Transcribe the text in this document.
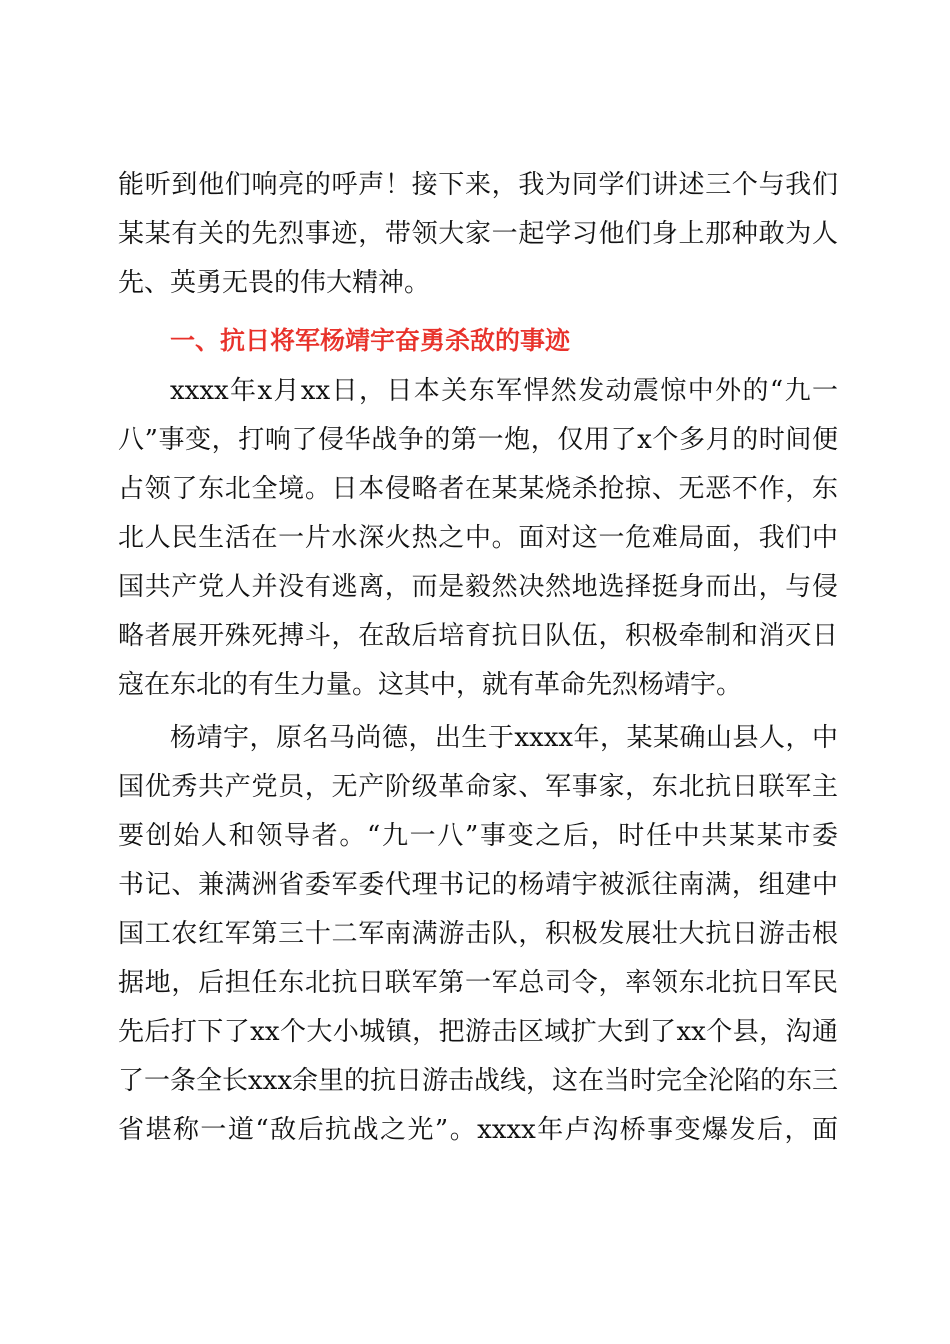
能听到他们响亮的呼声！接下来，我为同学们讲述三个与我们
某某有关的先烈事迹，带领大家一起学习他们身上那种敢为人
先、英勇无畏的伟大精神。
一、抗日将军杨靖宇奋勇杀敌的事迹
xxxx年x月xx日，日本关东军悍然发动震惊中外的“九一
八”事变，打响了侵华战争的第一炮，仅用了x个多月的时间便
占领了东北全境。日本侵略者在某某烧杀抢掠、无恶不作，东
北人民生活在一片水深火热之中。面对这一危难局面，我们中
国共产党人并没有逃离，而是毅然决然地选择挺身而出，与侵
略者展开殊死搏斗，在敌后培育抗日队伍，积极牵制和消灭日
寇在东北的有生力量。这其中，就有革命先烈杨靖宇。
杨靖宇，原名马尚德，出生于xxxx年，某某确山县人，中
国优秀共产党员，无产阶级革命家、军事家，东北抗日联军主
要创始人和领导者。“九一八”事变之后，时任中共某某市委
书记、兼满洲省委军委代理书记的杨靖宇被派往南满，组建中
国工农红军第三十二军南满游击队，积极发展壮大抗日游击根
据地，后担任东北抗日联军第一军总司令，率领东北抗日军民
先后打下了xx个大小城镇，把游击区域扩大到了xx个县，沟通
了一条全长xxx余里的抗日游击战线，这在当时完全沦陷的东三
省堪称一道“敌后抗战之光”。xxxx年卢沟桥事变爆发后，面
